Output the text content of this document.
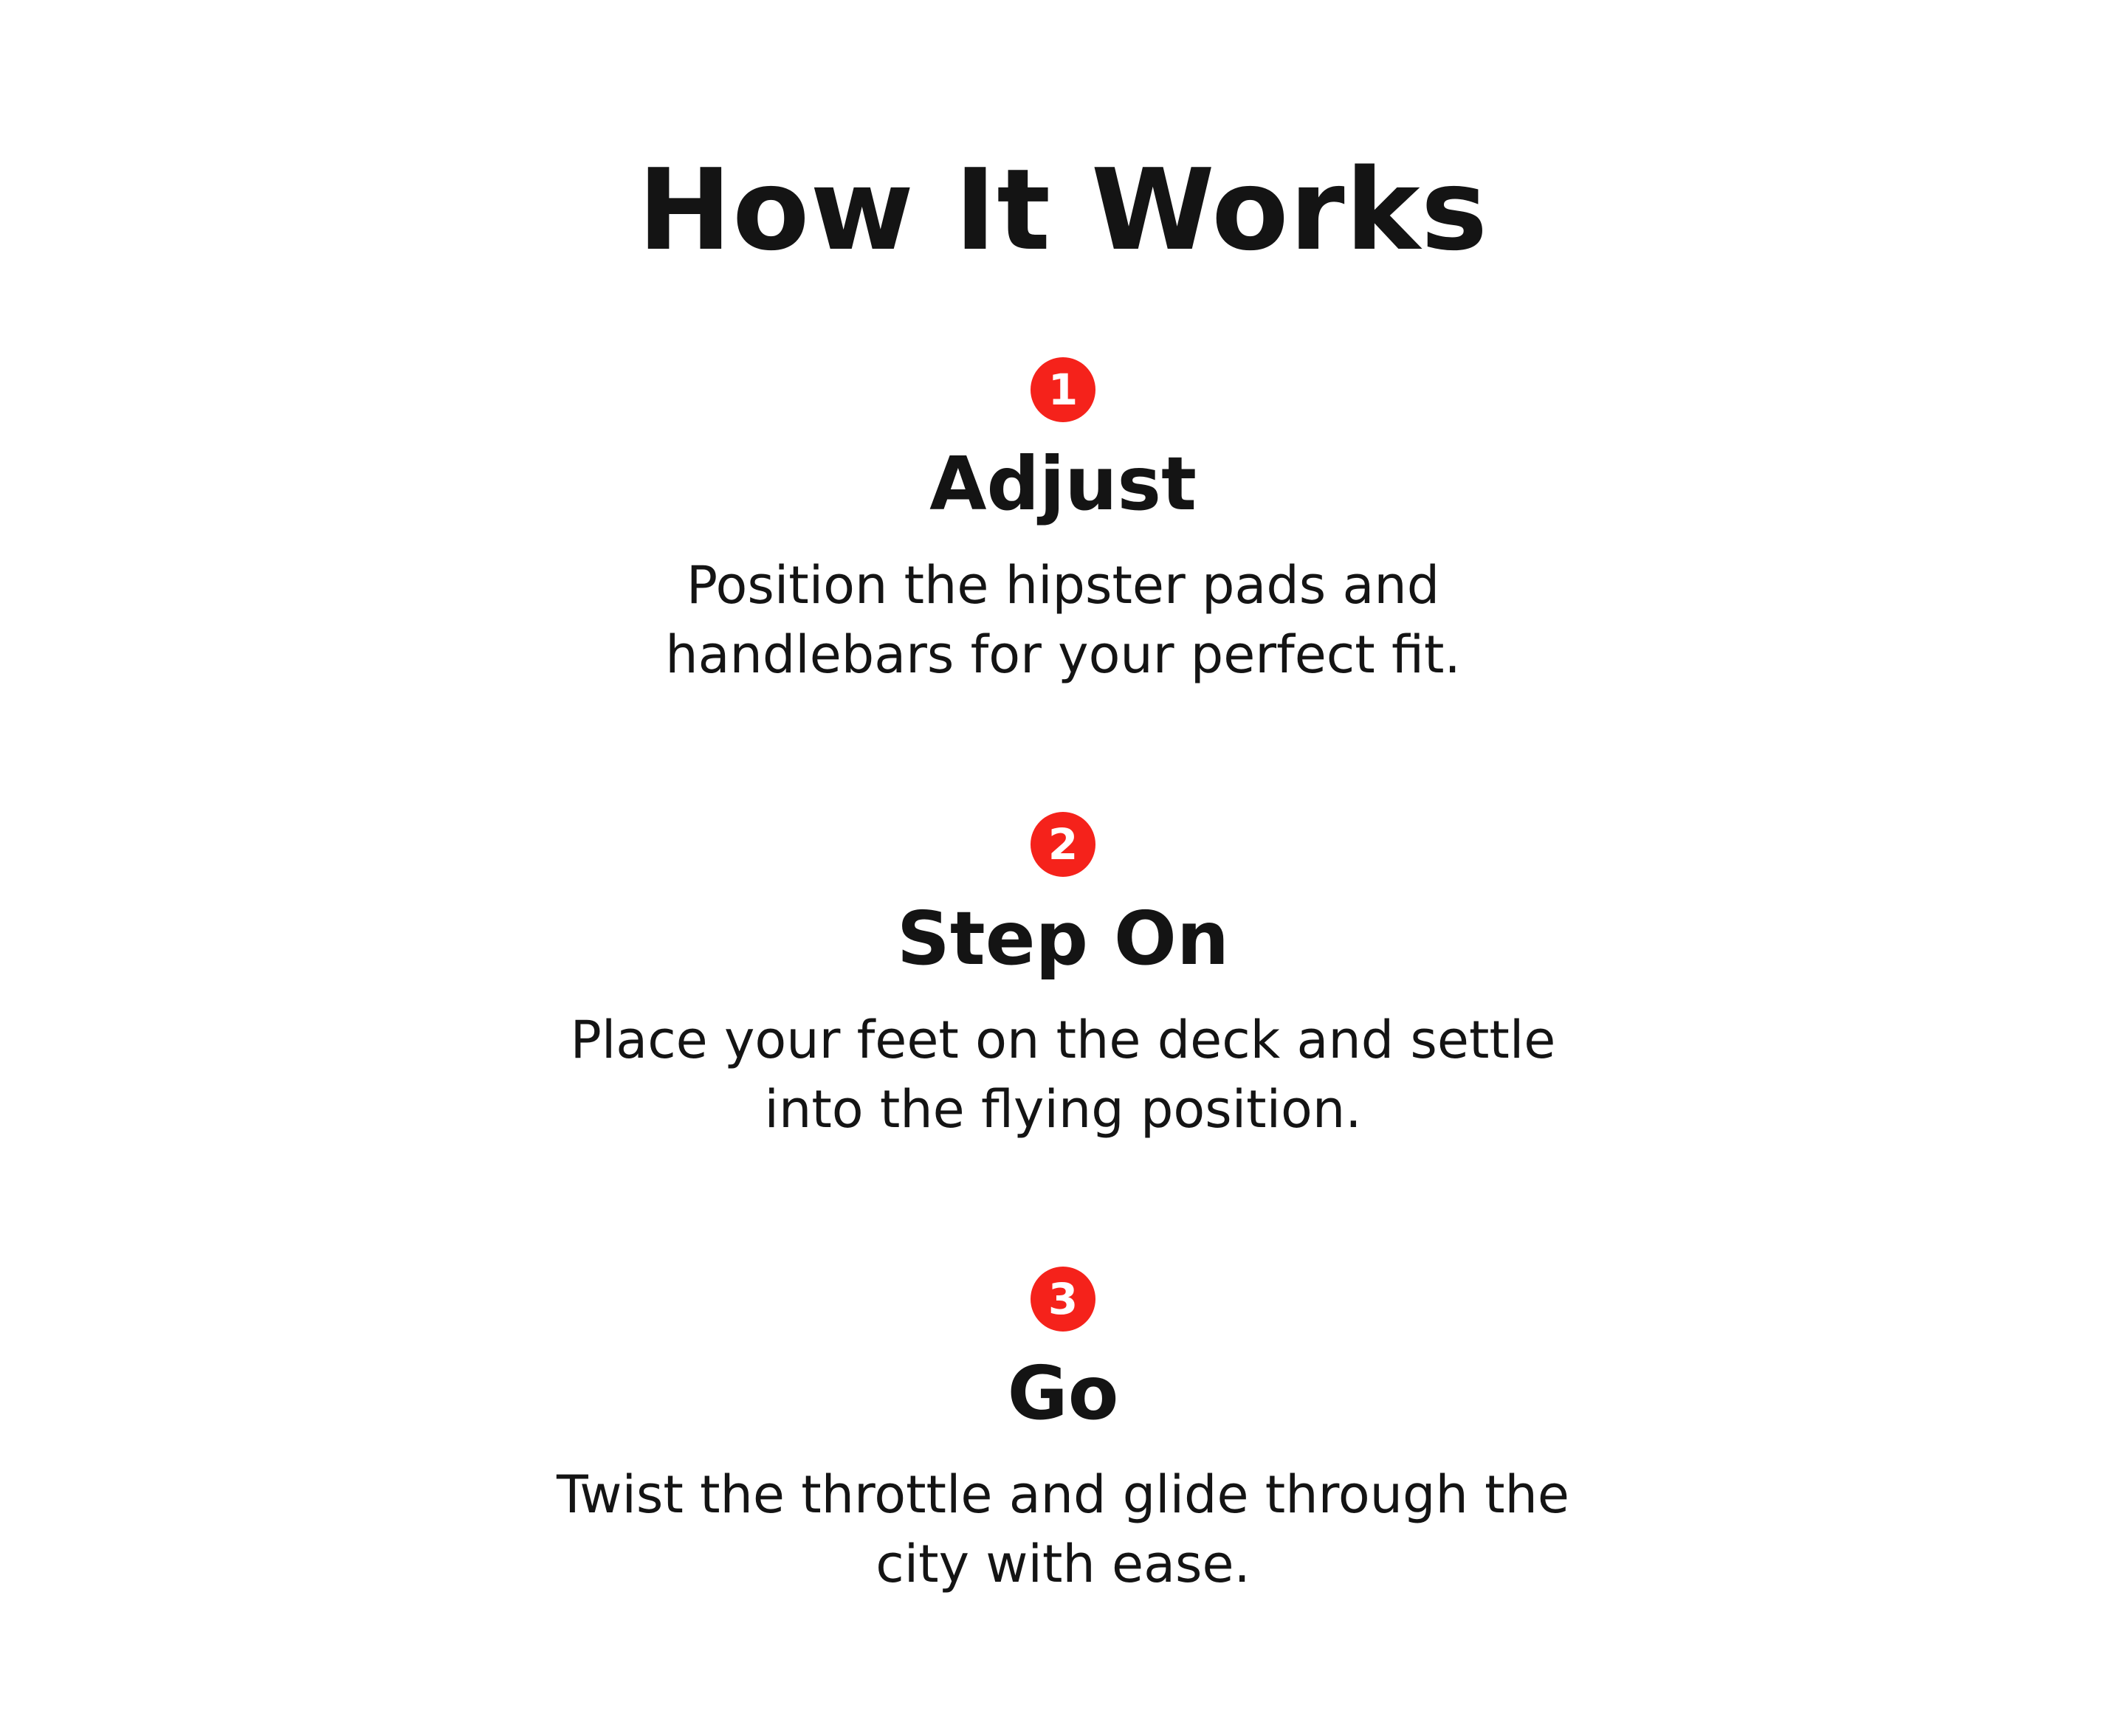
How It Works
1
Adjust

Position the hipster pads and
handlebars for your perfect fit.

2
Step On

Place your feet on the deck and settle
into the flying position.

3
Go

Twist the throttle and glide through the
city with ease.
